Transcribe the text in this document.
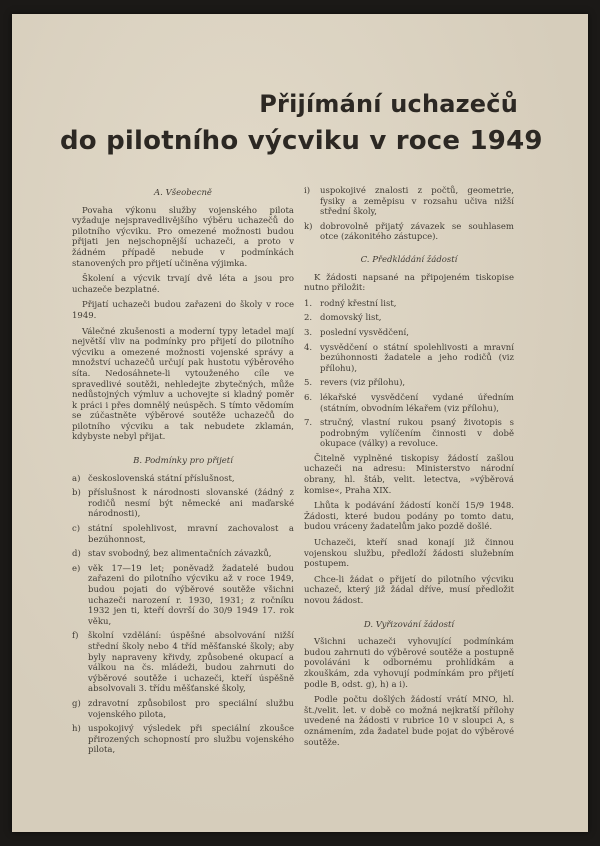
Přijímání uchazečů
do pilotního výcviku v roce 1949
A. Všeobecně
Povaha výkonu služby vojenského pilota vyžaduje nejspravedlivějšího výběru uchazečů do pilotního výcviku. Pro omezené možnosti budou přijati jen nejschopnější uchazeči, a proto v žádném případě nebude v podmínkách stanovených pro přijetí učiněna výjimka.
Školení a výcvik trvají dvě léta a jsou pro uchazeče bezplatné.
Přijatí uchazeči budou zařazeni do školy v roce 1949.
Válečné zkušenosti a moderní typy letadel mají největší vliv na podmínky pro přijetí do pilotního výcviku a omezené možnosti vojenské správy a množství uchazečů určují pak hustotu výběrového síta. Nedosáhnete-li vytouženého cíle ve spravedlivé soutěži, nehledejte zbytečných, může nedůstojných výmluv a uchovejte si kladný poměr k práci i přes domnělý neúspěch. S tímto vědomím se zúčastněte výběrové soutěže uchazečů do pilotního výcviku a tak nebudete zklamán, kdybyste nebyl přijat.
B. Podmínky pro přijetí
a) československá státní příslušnost,
b) příslušnost k národnosti slovanské (žádný z rodičů nesmí být německé ani maďarské národnosti),
c) státní spolehlivost, mravní zachovalost a bezúhonnost,
d) stav svobodný, bez alimentačních závazků,
e) věk 17—19 let; poněvadž žadatelé budou zařazeni do pilotního výcviku až v roce 1949, budou pojati do výběrové soutěže všichni uchazeči narození r. 1930, 1931; z ročníku 1932 jen ti, kteří dovrší do 30/9 1949 17. rok věku,
f)	školní vzdělání: úspěšné absolvování nižší střední školy nebo 4 tříd měšťanské školy; aby byly napraveny křivdy, způsobené okupací a válkou na čs. mládeži, budou zahrnuti do výběrové soutěže i uchazeči, kteří úspěšně absolvovali 3. třídu měšťanské školy,
g) zdravotní způsobilost pro speciální službu vojenského pilota,
h) uspokojivý výsledek při speciální zkoušce přirozených schopností pro službu vojenského pilota,
i)	uspokojivé znalosti z počtů, geometrie, fysiky a zeměpisu v rozsahu učiva nižší střední školy,
k) dobrovolně přijatý závazek se souhlasem otce (zákonitého zástupce).
C. Předkládání žádostí
K žádosti napsané na připojeném tiskopise nutno přiložit:
1. rodný křestní list,
2. domovský list,
3. poslední vysvědčení,
4. vysvědčení o státní spolehlivosti a mravní bezúhonnosti žadatele a jeho rodičů (viz přílohu),
5. revers (viz přílohu),
6. lékařské vysvědčení vydané úředním (státním, obvodním lékařem (viz přílohu),
7. stručný, vlastní rukou psaný životopis s podrobným vylíčením činnosti v době okupace (války) a revoluce.
Čitelně vyplněné tiskopisy žádostí zašlou uchazeči na adresu: Ministerstvo národní obrany, hl. štáb, velit. letectva, »výběrová komise«, Praha XIX.
Lhůta k podávání žádostí končí 15/9 1948. Žádosti, které budou podány po tomto datu, budou vráceny žadatelům jako pozdě došlé.
Uchazeči, kteří snad konají již činnou vojenskou službu, předloží žádosti služebním postupem.
Chce-li žádat o přijetí do pilotního výcviku uchazeč, který již žádal dříve, musí předložit novou žádost.
D. Vyřizování žádostí
Všichni uchazeči vyhovující podmínkám budou zahrnuti do výběrové soutěže a postupně povoláváni k odbornému prohlídkám a zkouškám, zda vyhovují podmínkám pro přijetí podle B, odst. g), h) a i).
Podle počtu došlých žádostí vrátí MNO, hl. št./velit. let. v době co možná nejkratší přílohy uvedené na žádosti v rubrice 10 v sloupci A, s oznámením, zda žadatel bude pojat do výběrové soutěže.
